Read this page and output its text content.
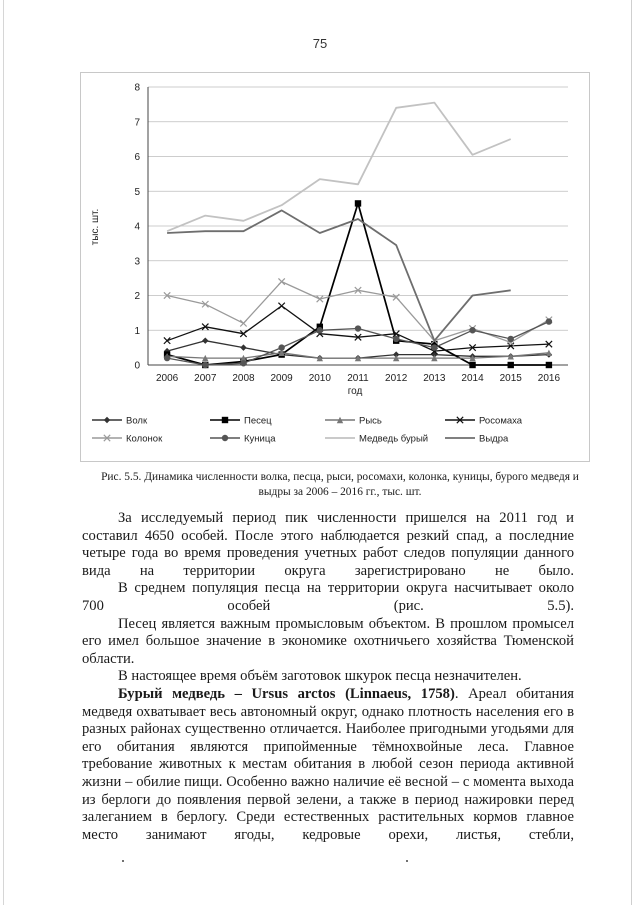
75
0
1
2
3
4
5
6
7
8
2006 2007 2008 2009 2010 2011 2012 2013 2014 2015 2016
тыс. шт.
год
Волк	Песец	Рысь	Росомаха
Колонок	Куница	Медведь бурый	Выдра
Рис. 5.5. Динамика численности волка, песца, рыси, росомахи, колонка, куницы, бурого медведя и выдры за 2006 – 2016 гг., тыс. шт.

За исследуемый период пик численности пришелся на 2011 год и составил 4650 особей. После этого наблюдается резкий спад, а последние четыре года во время проведения учетных работ следов популяции данного вида на территории округа зарегистрировано не было.

В среднем популяция песца на территории округа насчитывает около 700 особей (рис. 5.5).

Песец является важным промысловым объектом. В прошлом промысел его имел большое значение в экономике охотничьего хозяйства Тюменской области.

В настоящее время объём заготовок шкурок песца незначителен.

Бурый медведь – Ursus arctos (Linnaeus, 1758). Ареал обитания медведя охватывает весь автономный округ, однако плотность населения его в разных районах существенно отличается. Наиболее пригодными угодьями для его обитания являются припойменные тёмнохвойные леса. Главное требование животных к местам обитания в любой сезон периода активной жизни – обилие пищи. Особенно важно наличие её весной – с момента выхода из берлоги до появления первой зелени, а также в период нажировки перед залеганием в берлогу. Среди естественных растительных кормов главное место занимают ягоды, кедровые орехи, листья, стебли,
